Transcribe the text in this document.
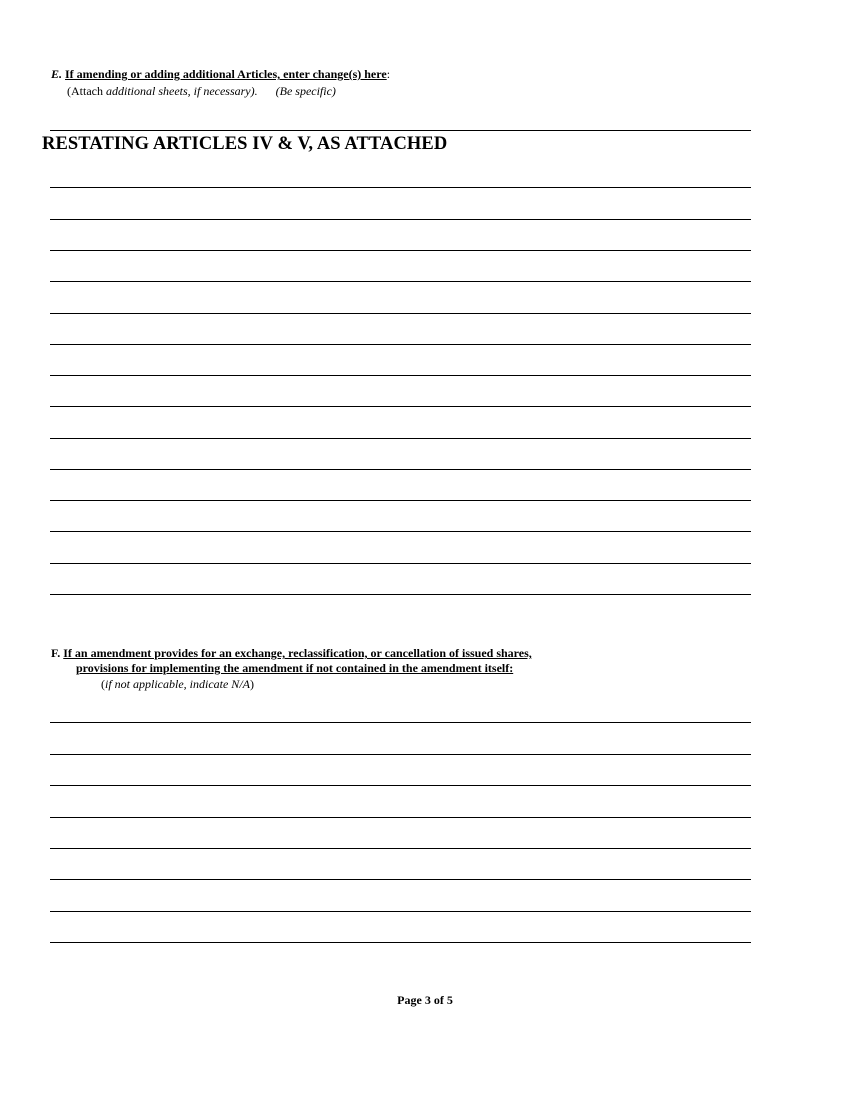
E. If amending or adding additional Articles, enter change(s) here:
(Attach additional sheets, if necessary). (Be specific)
RESTATING ARTICLES IV & V, AS ATTACHED
F. If an amendment provides for an exchange, reclassification, or cancellation of issued shares,
provisions for implementing the amendment if not contained in the amendment itself:
(if not applicable, indicate N/A)
Page 3 of 5
